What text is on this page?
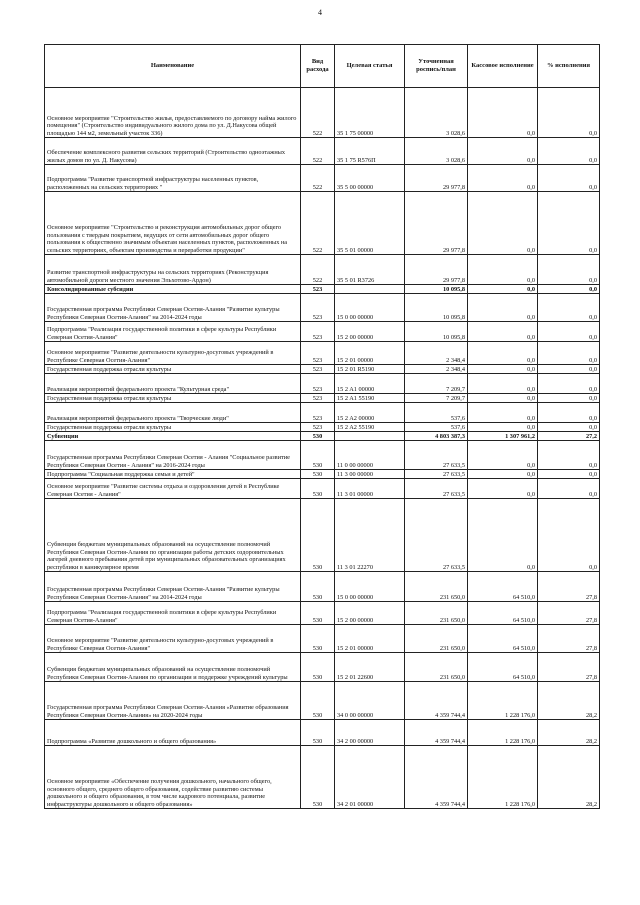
4
Наименование	Вид расхода	Целевая статья	Уточненная роспись/план	Кассовое исполнение	% исполнения
Основное мероприятие "Строительство жилья, предоставляемого по договору найма жилого помещения" (Строительство индивидуального жилого дома по ул. Д.Накусова общей площадью 144 м2, земельный участок 336)	522	35 1 75 00000	3 028,6	0,0	0,0
Обеспечение комплексного развития сельских территорий (Строительство одноэтажных жилых домов по ул. Д. Накусова)	522	35 1 75 R576П	3 028,6	0,0	0,0
Подпрограмма "Развитие транспортной инфраструктуры населенных пунктов, расположенных на сельских территориях "	522	35 5 00 00000	29 977,8	0,0	0,0
Основное мероприятие "Строительство и реконструкция автомобильных дорог общего пользования с твердым покрытием, ведущих от сети автомобильных дорог общего пользования к общественно значимым объектам населенных пунктов, расположенных на сельских территориях, объектам производства и переработки продукции"	522	35 5 01 00000	29 977,8	0,0	0,0
Развитие транспортной инфраструктуры на сельских территориях (Реконструкция автомобильной дороги местного значения Эльхотово-Ардон)	522	35 5 01 R3726	29 977,8	0,0	0,0
Консолидированные субсидии	523		10 095,8	0,0	0,0
Государственная программа Республики Северная Осетия-Алания "Развитие культуры Республики Северная Осетия-Алания" на 2014-2024 годы	523	15 0 00 00000	10 095,8	0,0	0,0
Подпрограмма "Реализация государственной политики в сфере культуры Республики Северная Осетия-Алания"	523	15 2 00 00000	10 095,8	0,0	0,0
Основное мероприятие "Развитие деятельности культурно-досуговых учреждений в Республике Северная Осетия-Алания"	523	15 2 01 00000	2 348,4	0,0	0,0
Государственная поддержка отрасли культуры	523	15 2 01 R5190	2 348,4	0,0	0,0
Реализация мероприятий федерального проекта "Культурная среда"	523	15 2 A1 00000	7 209,7	0,0	0,0
Государственная поддержка отрасли культуры	523	15 2 A1 55190	7 209,7	0,0	0,0
Реализация мероприятий федерального проекта "Творческие люди"	523	15 2 A2 00000	537,6	0,0	0,0
Государственная поддержка отрасли культуры	523	15 2 A2 55190	537,6	0,0	0,0
Субвенции	530		4 803 387,3	1 307 961,2	27,2
Государственная программа Республики Северная Осетия - Алания "Социальное развитие Республики Северная Осетия - Алания" на 2016-2024 годы	530	11 0 00 00000	27 633,5	0,0	0,0
Подпрограмма "Социальная поддержка семьи и детей"	530	11 3 00 00000	27 633,5	0,0	0,0
Основное мероприятие "Развитие системы отдыха и оздоровления детей в Республике Северная Осетия - Алания"	530	11 3 01 00000	27 633,5	0,0	0,0
Субвенция бюджетам муниципальных образований на осуществление полномочий Республики Северная Осетия-Алания по организации работы детских оздоровительных лагерей дневного пребывания детей при муниципальных образовательных организациях республики в каникулярное время	530	11 3 01 22270	27 633,5	0,0	0,0
Государственная программа Республики Северная Осетия-Алания "Развитие культуры Республики Северная Осетия-Алания" на 2014-2024 годы	530	15 0 00 00000	231 650,0	64 510,0	27,8
Подпрограмма "Реализация государственной политики в сфере культуры Республики Северная Осетия-Алания"	530	15 2 00 00000	231 650,0	64 510,0	27,8
Основное мероприятие "Развитие деятельности культурно-досуговых учреждений в Республике Северная Осетия-Алания"	530	15 2 01 00000	231 650,0	64 510,0	27,8
Субвенция бюджетам муниципальных образований на осуществление полномочий Республики Северная Осетия-Алания по организации и поддержке учреждений культуры	530	15 2 01 22600	231 650,0	64 510,0	27,8
Государственная программа Республики Северная Осетия-Алания «Развитие образования Республики Северная Осетия-Алания» на 2020-2024 годы	530	34 0 00 00000	4 359 744,4	1 228 176,0	28,2
Подпрограмма «Развитие дошкольного и общего образования»	530	34 2 00 00000	4 359 744,4	1 228 176,0	28,2
Основное мероприятие «Обеспечение получения дошкольного, начального общего, основного общего, среднего общего образования, содействие развитию системы дошкольного и общего образования, в том числе кадрового потенциала, развитие инфраструктуры дошкольного и общего образования»	530	34 2 01 00000	4 359 744,4	1 228 176,0	28,2
